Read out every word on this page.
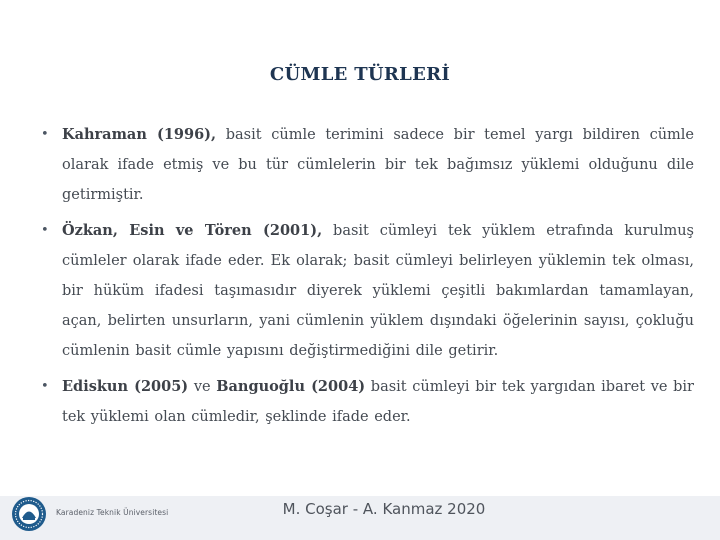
CÜMLE TÜRLERİ

• Kahraman (1996), basit cümle terimini sadece bir temel yargı bildiren cümle olarak ifade etmiş ve bu tür cümlelerin bir tek bağımsız yüklemi olduğunu dile getirmiştir.

• Özkan, Esin ve Tören (2001), basit cümleyi tek yüklem etrafında kurulmuş cümleler olarak ifade eder. Ek olarak; basit cümleyi belirleyen yüklemin tek olması, bir hüküm ifadesi taşımasıdır diyerek yüklemi çeşitli bakımlardan tamamlayan, açan, belirten unsurların, yani cümlenin yüklem dışındaki öğelerinin sayısı, çokluğu cümlenin basit cümle yapısını değiştirmediğini dile getirir.

• Ediskun (2005) ve Banguoğlu (2004) basit cümleyi bir tek yargıdan ibaret ve bir tek yüklemi olan cümledir, şeklinde ifade eder.

Karadeniz Teknik Üniversitesi	M. Coşar - A. Kanmaz 2020
